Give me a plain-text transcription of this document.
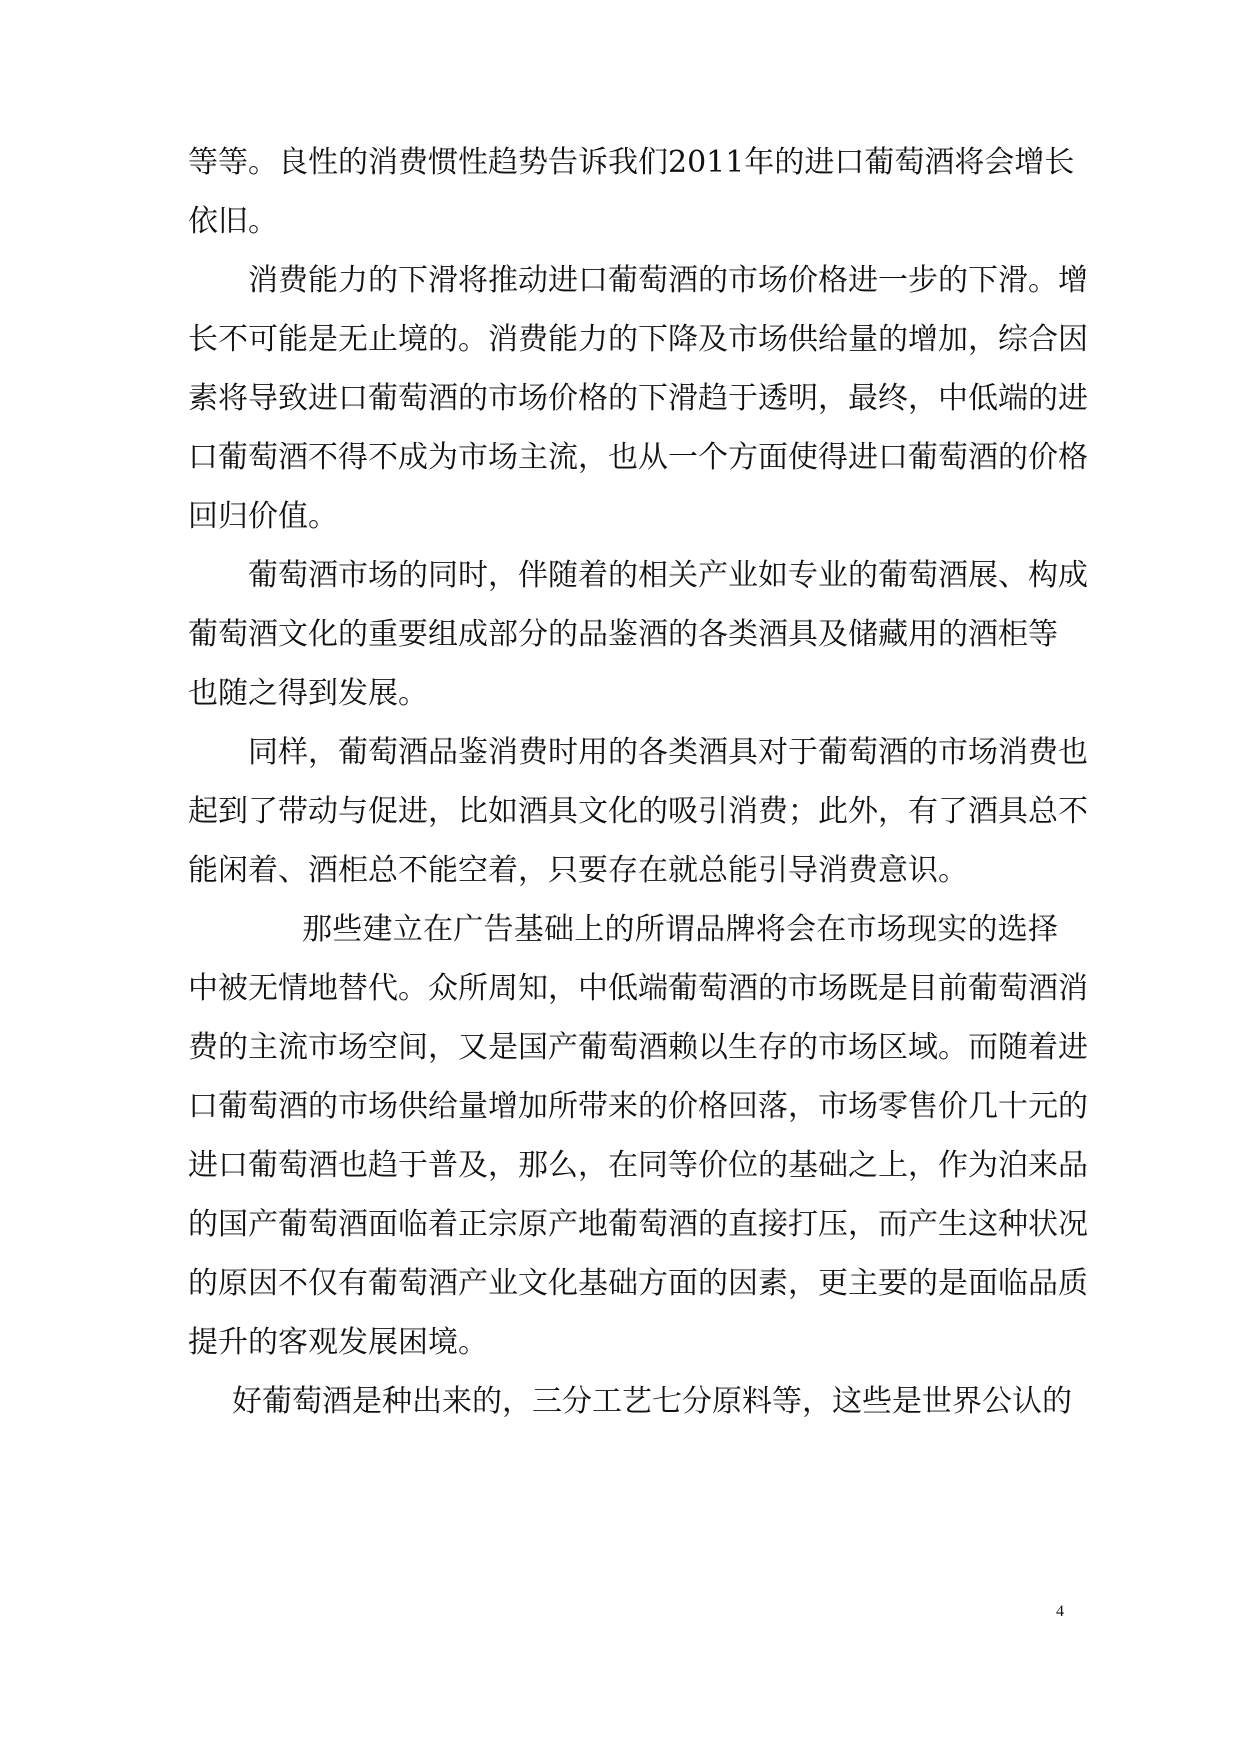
等等。良性的消费惯性趋势告诉我们2011年的进口葡萄酒将会增长
依旧。
消费能力的下滑将推动进口葡萄酒的市场价格进一步的下滑。增
长不可能是无止境的。消费能力的下降及市场供给量的增加，综合因
素将导致进口葡萄酒的市场价格的下滑趋于透明，最终，中低端的进
口葡萄酒不得不成为市场主流，也从一个方面使得进口葡萄酒的价格
回归价值。
葡萄酒市场的同时，伴随着的相关产业如专业的葡萄酒展、构成
葡萄酒文化的重要组成部分的品鉴酒的各类酒具及储藏用的酒柜等
也随之得到发展。
同样，葡萄酒品鉴消费时用的各类酒具对于葡萄酒的市场消费也
起到了带动与促进，比如酒具文化的吸引消费；此外，有了酒具总不
能闲着、酒柜总不能空着，只要存在就总能引导消费意识。
那些建立在广告基础上的所谓品牌将会在市场现实的选择
中被无情地替代。众所周知，中低端葡萄酒的市场既是目前葡萄酒消
费的主流市场空间，又是国产葡萄酒赖以生存的市场区域。而随着进
口葡萄酒的市场供给量增加所带来的价格回落，市场零售价几十元的
进口葡萄酒也趋于普及，那么，在同等价位的基础之上，作为泊来品
的国产葡萄酒面临着正宗原产地葡萄酒的直接打压，而产生这种状况
的原因不仅有葡萄酒产业文化基础方面的因素，更主要的是面临品质
提升的客观发展困境。
好葡萄酒是种出来的，三分工艺七分原料等，这些是世界公认的
4
